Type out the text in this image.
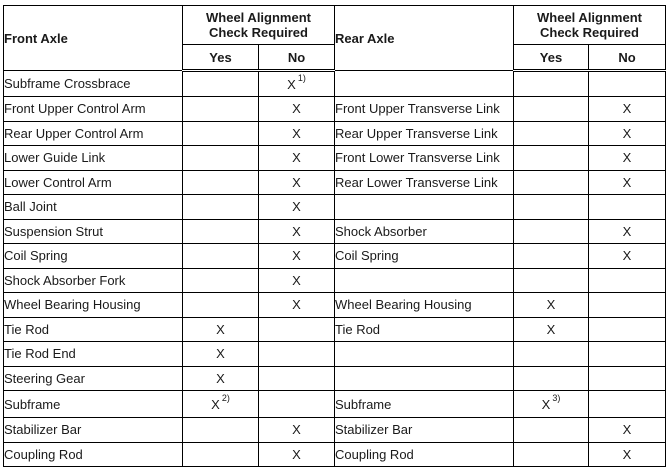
Front Axle	Wheel Alignment
Check Required		Rear Axle	Wheel Alignment
Check Required	
	Yes	No		Yes	No
Subframe Crossbrace		X $^{1)}$			
Front Upper Control Arm		X	Front Upper Transverse Link		X
Rear Upper Control Arm		X	Rear Upper Transverse Link		X
Lower Guide Link		X	Front Lower Transverse Link		X
Lower Control Arm		X	Rear Lower Transverse Link		X
Ball Joint		X			
Suspension Strut		X	Shock Absorber		X
Coil Spring		X	Coil Spring		X
Shock Absorber Fork		X			
Wheel Bearing Housing		X	Wheel Bearing Housing	X	
Tie Rod	X		Tie Rod	X	
Tie Rod End	X				
Steering Gear	X				
Subframe	X $^{2)}$		Subframe	X $^{3)}$	
Stabilizer Bar		X	Stabilizer Bar		X
Coupling Rod		X	Coupling Rod		X
